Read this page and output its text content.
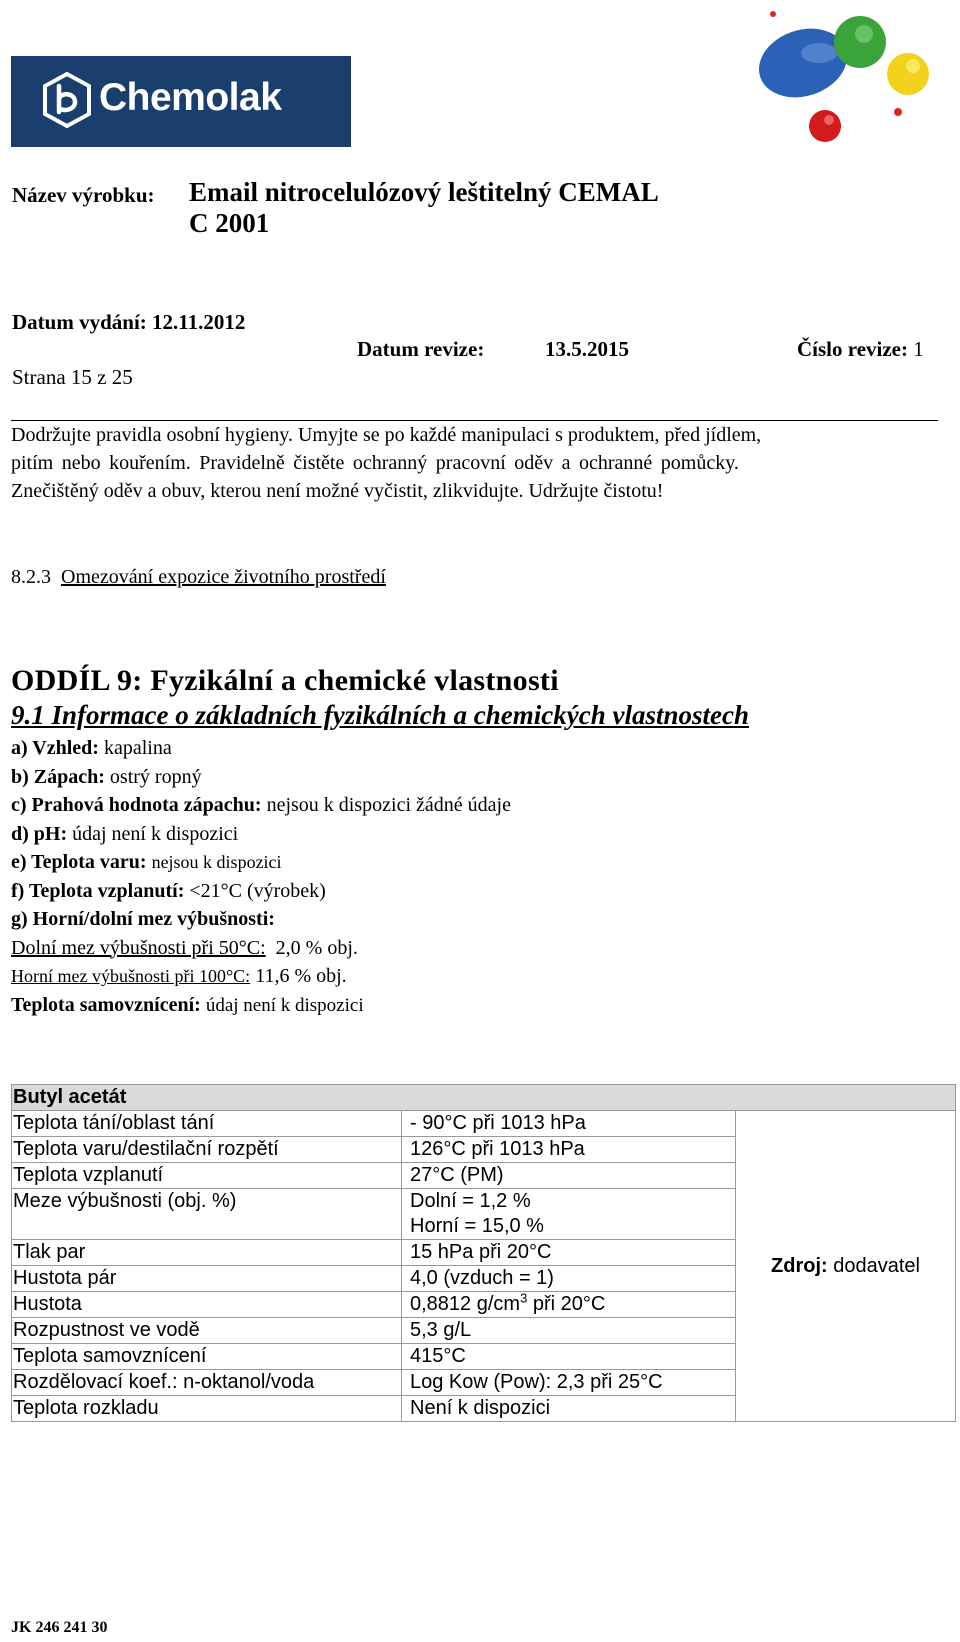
Chemolak
Název výrobku: Email nitrocelulózový leštitelný CEMAL
C 2001
Datum vydání: 12.11.2012
Strana 15 z 25
Datum revize:	13.5.2015	Číslo revize: 1
Dodržujte pravidla osobní hygieny. Umyjte se po každé manipulaci s produktem, před jídlem,
pitím nebo kouřením. Pravidelně čistěte ochranný pracovní oděv a ochranné pomůcky.
Znečištěný oděv a obuv, kterou není možné vyčistit, zlikvidujte. Udržujte čistotu!
8.2.3 Omezování expozice životního prostředí
ODDÍL 9: Fyzikální a chemické vlastnosti
9.1 Informace o základních fyzikálních a chemických vlastnostech
a) Vzhled: kapalina
b) Zápach: ostrý ropný
c) Prahová hodnota zápachu: nejsou k dispozici žádné údaje
d) pH: údaj není k dispozici
e) Teplota varu: nejsou k dispozici
f) Teplota vzplanutí: <21°C (výrobek)
g) Horní/dolní mez výbušnosti:
Dolní mez výbušnosti při 50°C: 2,0 % obj.
Horní mez výbušnosti při 100°C: 11,6 % obj.
Teplota samovznícení: údaj není k dispozici
Butyl acetát		
Teplota tání/oblast tání	- 90°C při 1013 hPa	Zdroj: dodavatel
Teplota varu/destilační rozpětí	126°C při 1013 hPa	
Teplota vzplanutí	27°C (PM)	
Meze výbušnosti (obj. %)	Dolní = 1,2 %	
	Horní = 15,0 %	
Tlak par	15 hPa při 20°C	
Hustota pár	4,0 (vzduch = 1)	
Hustota	0,8812 $g/cm^3$ při 20°C	
Rozpustnost ve vodě	5,3 g/L	
Teplota samovznícení	415°C	
Rozdělovací koef.: n-oktanol/voda	Log Kow (Pow): 2,3 při 25°C	
Teplota rozkladu	Není k dispozici	
JK 246 241 30
